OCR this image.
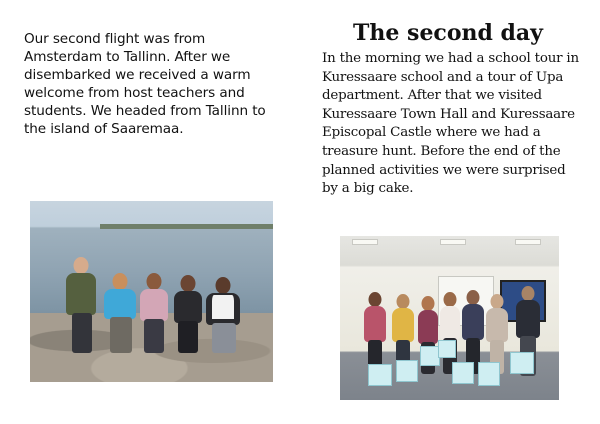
Our second flight was from Amsterdam to Tallinn. After we disembarked we received a warm welcome from host teachers and students. We headed from Tallinn to the island of Saaremaa.
The second day
In the morning we had a school tour in Kuressaare school and a tour of Upa department. After that we visited Kuressaare Town Hall and Kuressaare Episcopal Castle where we had a treasure hunt. Before the end of the planned activities we were surprised by a big cake.
